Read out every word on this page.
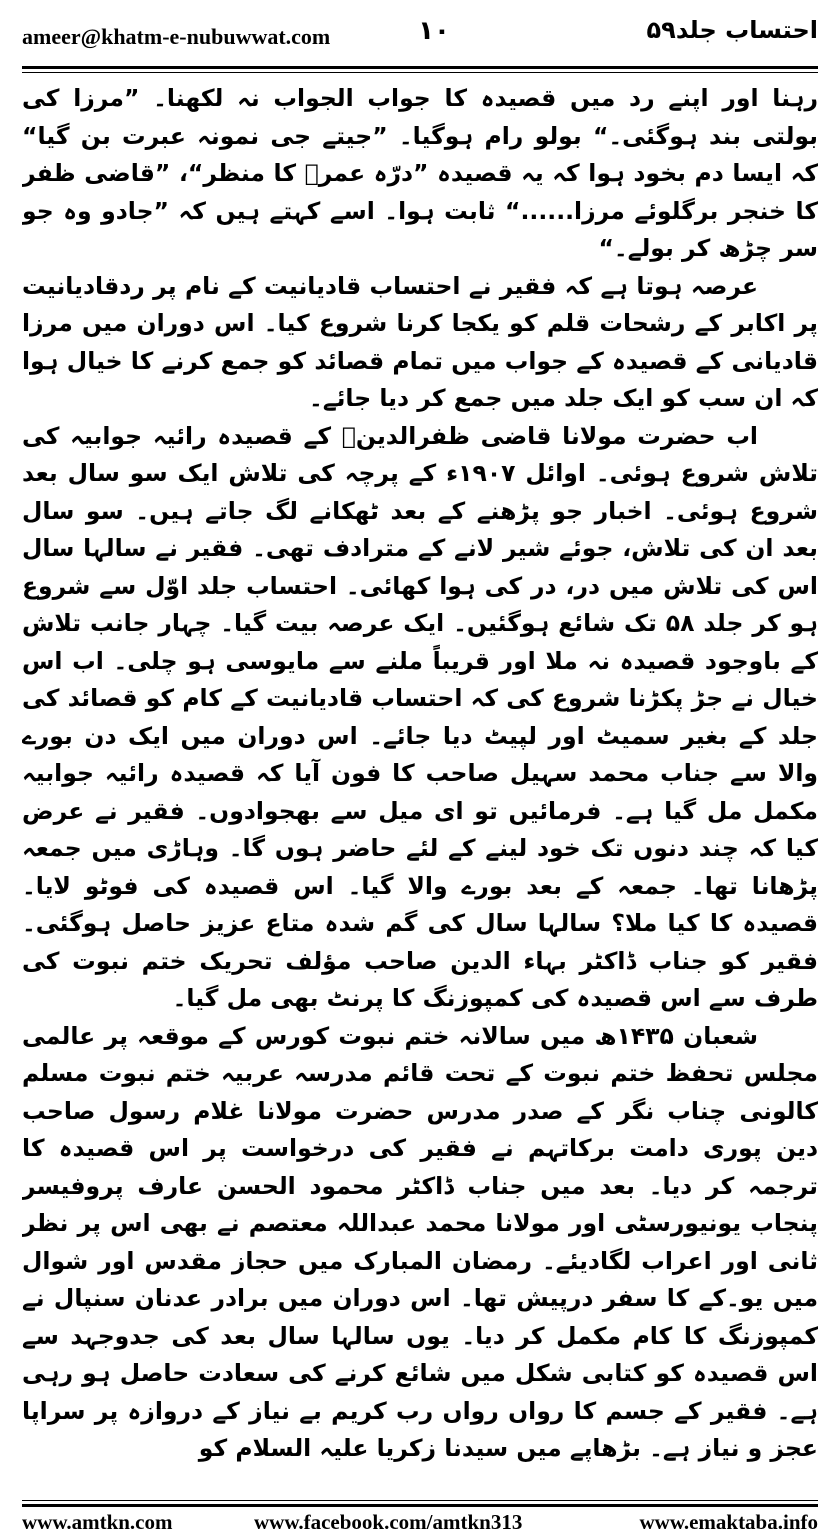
ameer@khatm-e-nubuwwat.com	۱۰	احتساب جلد۵۹

رہنا اور اپنے رد میں قصیدہ کا جواب الجواب نہ لکھنا۔ ”مرزا کی بولتی بند ہوگئی۔“ بولو رام ہوگیا۔ ”جیتے جی نمونہ عبرت بن گیا“ کہ ایسا دم بخود ہوا کہ یہ قصیدہ ”درّہ عمرؓ کا منظر“، ”قاضی ظفر کا خنجر برگلوئے مرزا......“ ثابت ہوا۔ اسے کہتے ہیں کہ ”جادو وہ جو سر چڑھ کر بولے۔“

عرصہ ہوتا ہے کہ فقیر نے احتساب قادیانیت کے نام پر ردقادیانیت پر اکابر کے رشحات قلم کو یکجا کرنا شروع کیا۔ اس دوران میں مرزا قادیانی کے قصیدہ کے جواب میں تمام قصائد کو جمع کرنے کا خیال ہوا کہ ان سب کو ایک جلد میں جمع کر دیا جائے۔

اب حضرت مولانا قاضی ظفرالدینؒ کے قصیدہ رائیہ جوابیہ کی تلاش شروع ہوئی۔ اوائل ۱۹۰۷ء کے پرچہ کی تلاش ایک سو سال بعد شروع ہوئی۔ اخبار جو پڑھنے کے بعد ٹھکانے لگ جاتے ہیں۔ سو سال بعد ان کی تلاش، جوئے شیر لانے کے مترادف تھی۔ فقیر نے سالہا سال اس کی تلاش میں در، در کی ہوا کھائی۔ احتساب جلد اوّل سے شروع ہو کر جلد ۵۸ تک شائع ہوگئیں۔ ایک عرصہ بیت گیا۔ چہار جانب تلاش کے باوجود قصیدہ نہ ملا اور قریباً ملنے سے مایوسی ہو چلی۔ اب اس خیال نے جڑ پکڑنا شروع کی کہ احتساب قادیانیت کے کام کو قصائد کی جلد کے بغیر سمیٹ اور لپیٹ دیا جائے۔ اس دوران میں ایک دن بورے والا سے جناب محمد سہیل صاحب کا فون آیا کہ قصیدہ رائیہ جوابیہ مکمل مل گیا ہے۔ فرمائیں تو ای میل سے بھجوادوں۔ فقیر نے عرض کیا کہ چند دنوں تک خود لینے کے لئے حاضر ہوں گا۔ وہاڑی میں جمعہ پڑھانا تھا۔ جمعہ کے بعد بورے والا گیا۔ اس قصیدہ کی فوٹو لایا۔ قصیدہ کا کیا ملا؟ سالہا سال کی گم شدہ متاع عزیز حاصل ہوگئی۔ فقیر کو جناب ڈاکٹر بہاء الدین صاحب مؤلف تحریک ختم نبوت کی طرف سے اس قصیدہ کی کمپوزنگ کا پرنٹ بھی مل گیا۔

شعبان ۱۴۳۵ھ میں سالانہ ختم نبوت کورس کے موقعہ پر عالمی مجلس تحفظ ختم نبوت کے تحت قائم مدرسہ عربیہ ختم نبوت مسلم کالونی چناب نگر کے صدر مدرس حضرت مولانا غلام رسول صاحب دین پوری دامت برکاتہم نے فقیر کی درخواست پر اس قصیدہ کا ترجمہ کر دیا۔ بعد میں جناب ڈاکٹر محمود الحسن عارف پروفیسر پنجاب یونیورسٹی اور مولانا محمد عبداللہ معتصم نے بھی اس پر نظر ثانی اور اعراب لگادیئے۔ رمضان المبارک میں حجاز مقدس اور شوال میں یو۔کے کا سفر درپیش تھا۔ اس دوران میں برادر عدنان سنپال نے کمپوزنگ کا کام مکمل کر دیا۔ یوں سالہا سال بعد کی جدوجہد سے اس قصیدہ کو کتابی شکل میں شائع کرنے کی سعادت حاصل ہو رہی ہے۔ فقیر کے جسم کا رواں رواں رب کریم بے نیاز کے دروازہ پر سراپا عجز و نیاز ہے۔ بڑھاپے میں سیدنا زکریا علیہ السلام کو

www.amtkn.com	www.facebook.com/amtkn313	www.emaktaba.info
